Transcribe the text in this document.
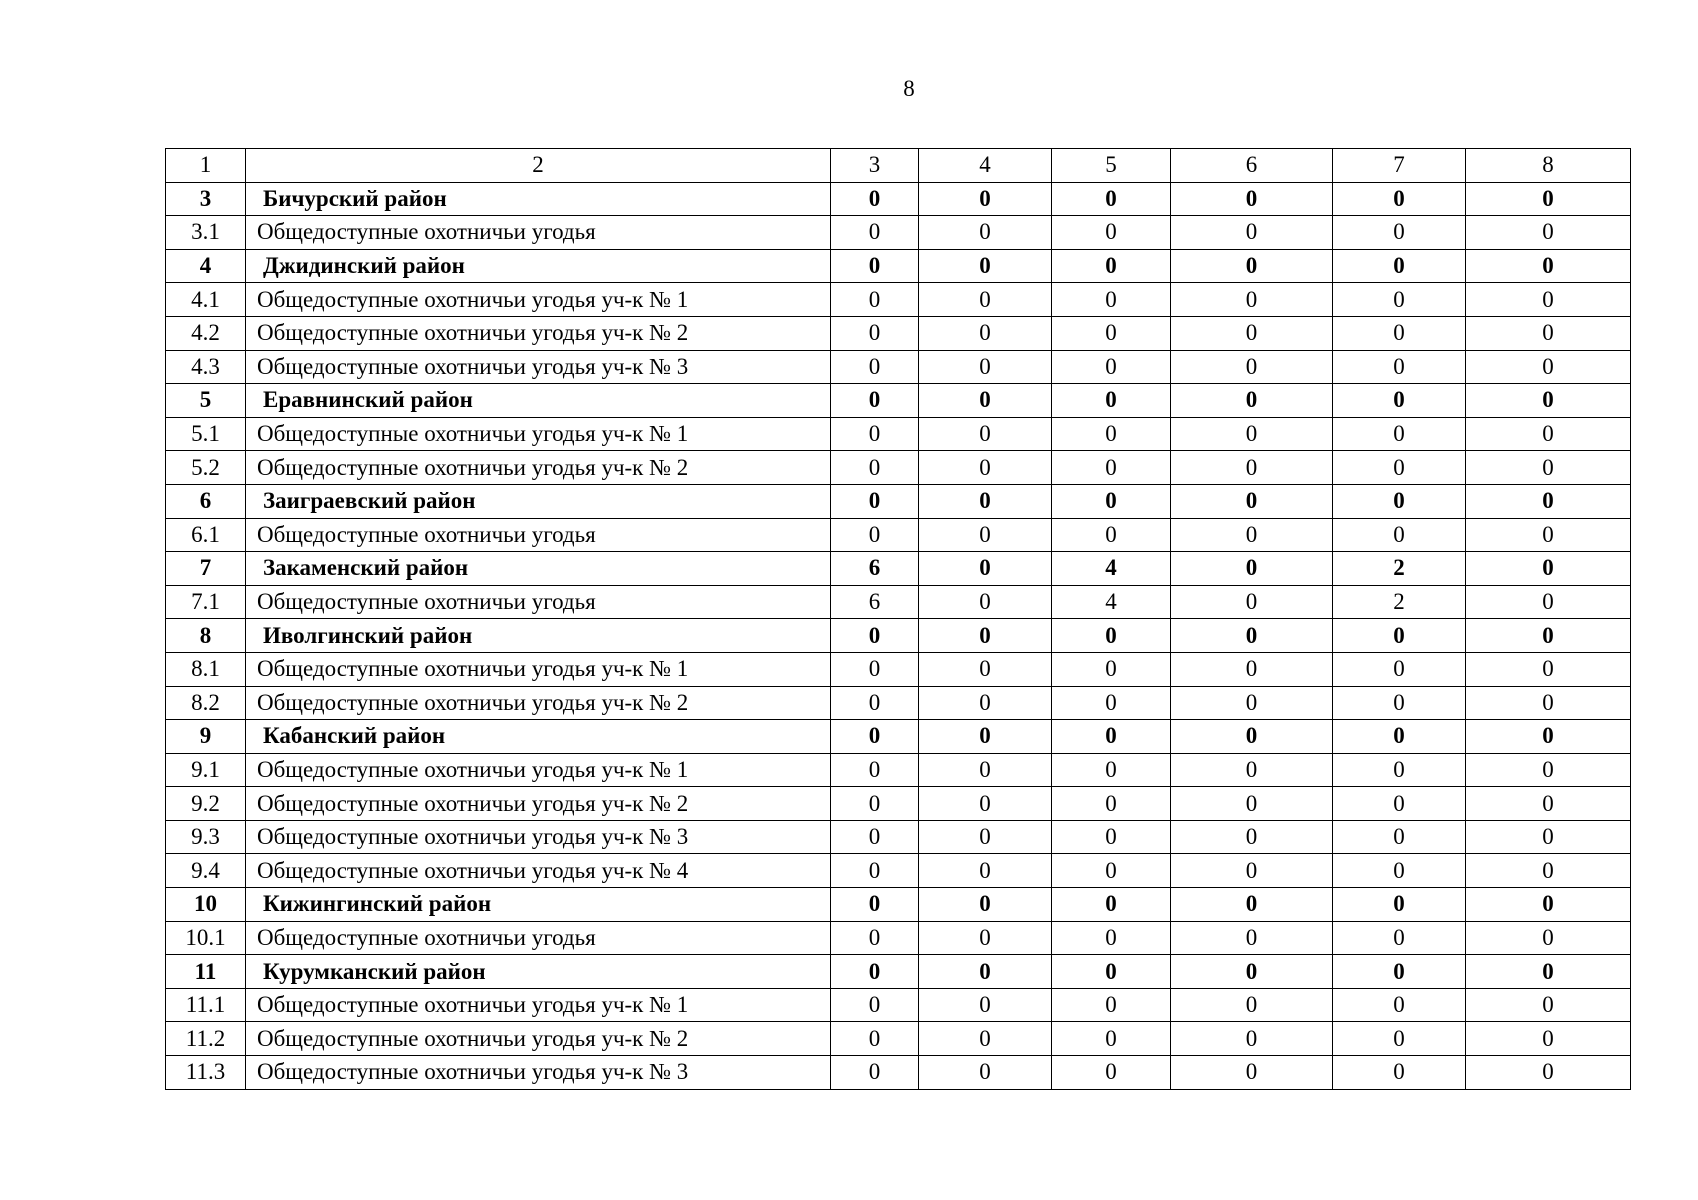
8
1	2	3	4	5	6	7	8
3	Бичурский район	0	0	0	0	0	0
3.1	Общедоступные охотничьи угодья	0	0	0	0	0	0
4	Джидинский район	0	0	0	0	0	0
4.1	Общедоступные охотничьи угодья уч-к № 1	0	0	0	0	0	0
4.2	Общедоступные охотничьи угодья уч-к № 2	0	0	0	0	0	0
4.3	Общедоступные охотничьи угодья уч-к № 3	0	0	0	0	0	0
5	Еравнинский район	0	0	0	0	0	0
5.1	Общедоступные охотничьи угодья уч-к № 1	0	0	0	0	0	0
5.2	Общедоступные охотничьи угодья уч-к № 2	0	0	0	0	0	0
6	Заиграевский район	0	0	0	0	0	0
6.1	Общедоступные охотничьи угодья	0	0	0	0	0	0
7	Закаменский район	6	0	4	0	2	0
7.1	Общедоступные охотничьи угодья	6	0	4	0	2	0
8	Иволгинский район	0	0	0	0	0	0
8.1	Общедоступные охотничьи угодья уч-к № 1	0	0	0	0	0	0
8.2	Общедоступные охотничьи угодья уч-к № 2	0	0	0	0	0	0
9	Кабанский район	0	0	0	0	0	0
9.1	Общедоступные охотничьи угодья уч-к № 1	0	0	0	0	0	0
9.2	Общедоступные охотничьи угодья уч-к № 2	0	0	0	0	0	0
9.3	Общедоступные охотничьи угодья уч-к № 3	0	0	0	0	0	0
9.4	Общедоступные охотничьи угодья уч-к № 4	0	0	0	0	0	0
10	Кижингинский район	0	0	0	0	0	0
10.1	Общедоступные охотничьи угодья	0	0	0	0	0	0
11	Курумканский район	0	0	0	0	0	0
11.1	Общедоступные охотничьи угодья уч-к № 1	0	0	0	0	0	0
11.2	Общедоступные охотничьи угодья уч-к № 2	0	0	0	0	0	0
11.3	Общедоступные охотничьи угодья уч-к № 3	0	0	0	0	0	0
